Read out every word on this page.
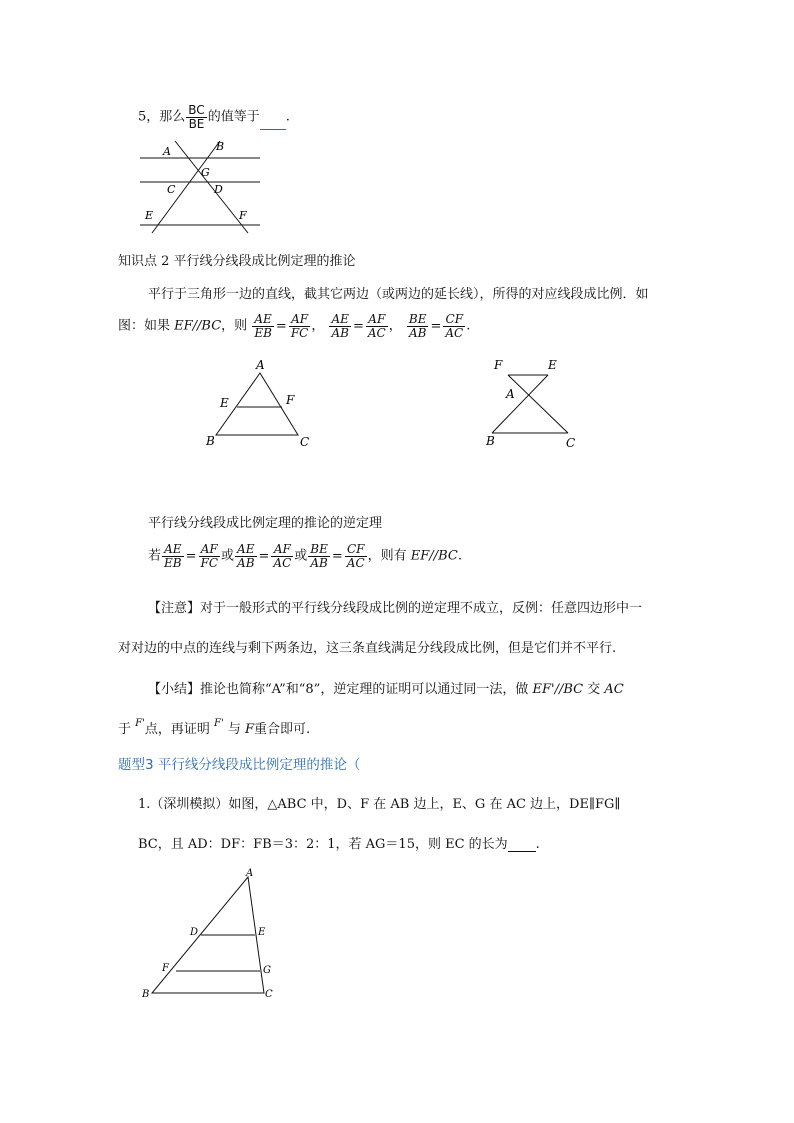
5，那么 $\frac{BC}{BE}$ 的值等于 .
A	B
G
C	D
E	F
知识点 2 平行线分线段成比例定理的推论
平行于三角形一边的直线，截其它两边（或两边的延长线），所得的对应线段成比例．如
图：如果 EF//BC，则 $\frac{AE}{EB} = \frac{AF}{FC}$ ， $\frac{AE}{AB} = \frac{AF}{AC}$ ， $\frac{BE}{AB} = \frac{CF}{AC}$ .
A
E	F
B	C
F	E
A
B	C
平行线分线段成比例定理的推论的逆定理
若 $\frac{AE}{EB} = \frac{AF}{FC}$ 或 $\frac{AE}{AB} = \frac{AF}{AC}$ 或 $\frac{BE}{AB} = \frac{CF}{AC}$ ，则有 EF//BC.
【注意】对于一般形式的平行线分线段成比例的逆定理不成立，反例：任意四边形中一
对对边的中点的连线与剩下两条边，这三条直线满足分线段成比例，但是它们并不平行.
【小结】推论也简称“A”和“8”，逆定理的证明可以通过同一法，做 EF'//BC 交 AC
于 $^{F'}$点，再证明 $^{F'}$ 与 F重合即可.
题型3 平行线分线段成比例定理的推论（
1.（深圳模拟）如图，△ABC 中，D、F 在 AB 边上，E、G 在 AC 边上，DE∥FG∥
BC，且 AD：DF：FB＝3：2：1，若 AG＝15，则 EC 的长为 .
A
D	E
F	G
B	C
